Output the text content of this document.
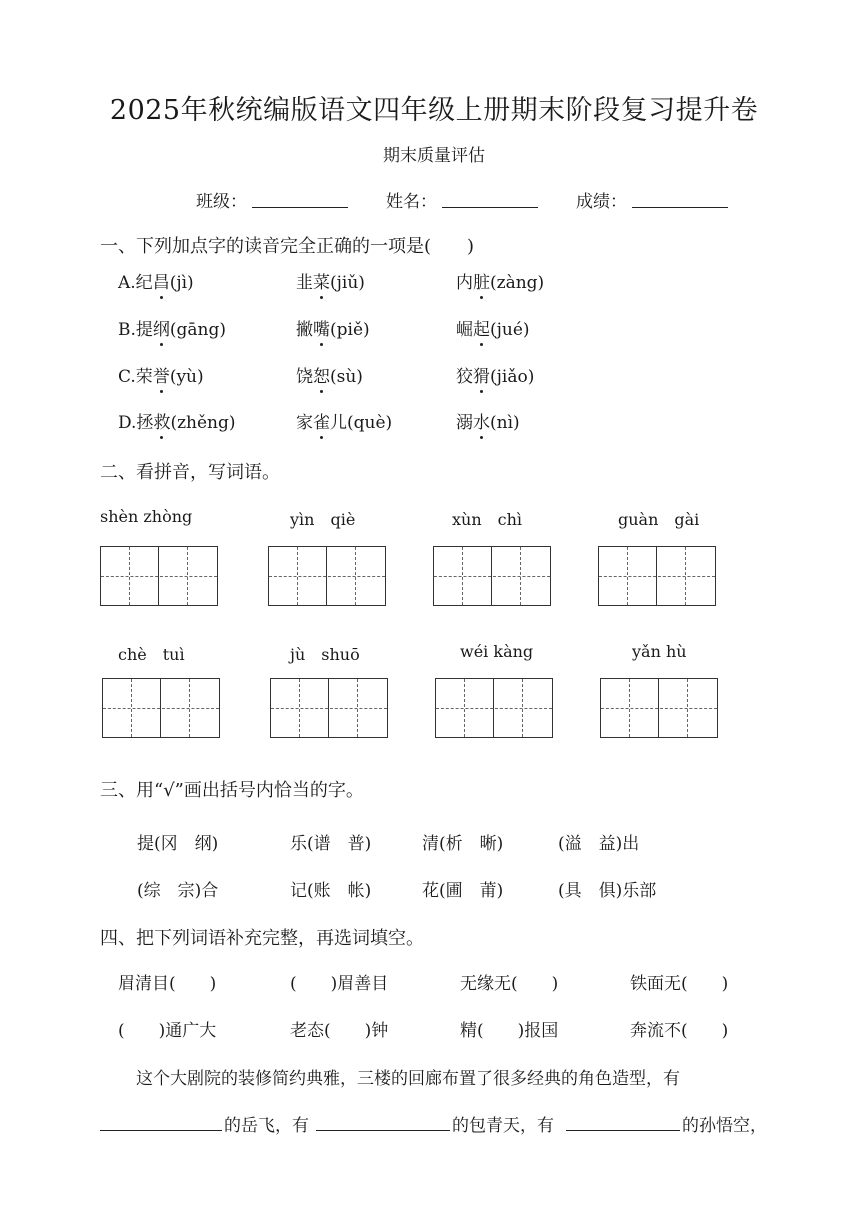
2025年秋统编版语文四年级上册期末阶段复习提升卷
期末质量评估
班级：	姓名：	成绩：
一、下列加点字的读音完全正确的一项是(　　)
A.纪昌(jì)	韭菜(jiǔ)	内脏(zàng)
B.提纲(gāng)	撇嘴(piě)	崛起(jué)
C.荣誉(yù)	饶恕(sù)	狡猾(jiǎo)
D.拯救(zhěng)	家雀儿(què)	溺水(nì)
二、看拼音，写词语。
shèn zhòng	yìn　qiè	xùn　chì	guàn　gài
chè　tuì	jù　shuō	wéi kàng	yǎn hù
三、用“√”画出括号内恰当的字。
提(冈　纲)	乐(谱　普)	清(析　晰)	(溢　益)出
(综　宗)合	记(账　帐)	花(圃　莆)	(具　俱)乐部
四、把下列词语补充完整，再选词填空。
眉清目(　　)	(　　)眉善目	无缘无(　　)	铁面无(　　)
(　　)通广大	老态(　　)钟	精(　　)报国	奔流不(　　)
这个大剧院的装修简约典雅，三楼的回廊布置了很多经典的角色造型，有
的岳飞，有	的包青天，有	的孙悟空，
